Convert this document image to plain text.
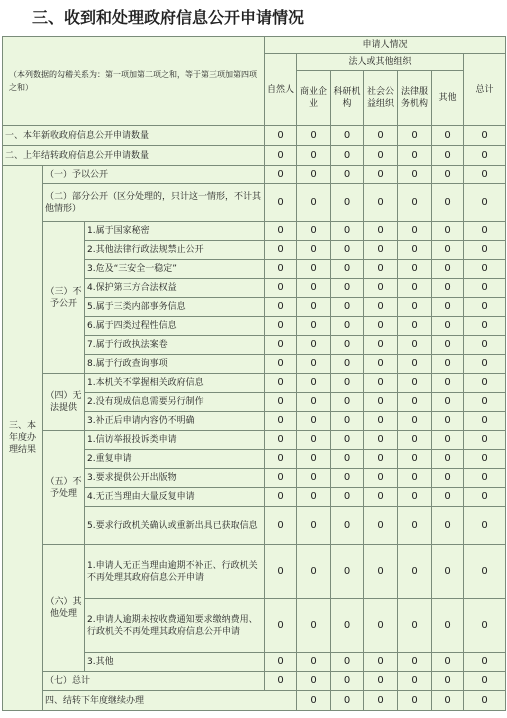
三、收到和处理政府信息公开申请情况
（本列数据的勾稽关系为：第一项加第二项之和，等于第三项加第四项之和）			申请人情况							
			自然人	法人或其他组织					总计	
				商业企业	科研机构	社会公益组织	法律服务机构	其他		
一、本年新收政府信息公开申请数量			0	0	0	0	0	0	0	
二、上年结转政府信息公开申请数量			0	0	0	0	0	0	0	
三、本年度办理结果	（一）予以公开		0	0	0	0	0	0	0	
	（二）部分公开（区分处理的，只计这一情形，不计其他情形）		0	0	0	0	0	0	0	
	（三）不予公开	1.属于国家秘密	0	0	0	0	0	0	0	
		2.其他法律行政法规禁止公开	0	0	0	0	0	0	0	
		3.危及“三安全一稳定”	0	0	0	0	0	0	0	
		4.保护第三方合法权益	0	0	0	0	0	0	0	
		5.属于三类内部事务信息	0	0	0	0	0	0	0	
		6.属于四类过程性信息	0	0	0	0	0	0	0	
		7.属于行政执法案卷	0	0	0	0	0	0	0	
		8.属于行政查询事项	0	0	0	0	0	0	0	
	（四）无法提供	1.本机关不掌握相关政府信息	0	0	0	0	0	0	0	
		2.没有现成信息需要另行制作	0	0	0	0	0	0	0	
		3.补正后申请内容仍不明确	0	0	0	0	0	0	0	
	（五）不予处理	1.信访举报投诉类申请	0	0	0	0	0	0	0	
		2.重复申请	0	0	0	0	0	0	0	
		3.要求提供公开出版物	0	0	0	0	0	0	0	
		4.无正当理由大量反复申请	0	0	0	0	0	0	0	
		5.要求行政机关确认或重新出具已获取信息	0	0	0	0	0	0	0	
	（六）其他处理	1.申请人无正当理由逾期不补正、行政机关不再处理其政府信息公开申请	0	0	0	0	0	0	0	
		2.申请人逾期未按收费通知要求缴纳费用、行政机关不再处理其政府信息公开申请	0	0	0	0	0	0	0	
		3.其他	0	0	0	0	0	0	0	
	（七）总计		0	0	0	0	0	0	0	
	四、结转下年度继续办理			0	0	0	0	0	0	
